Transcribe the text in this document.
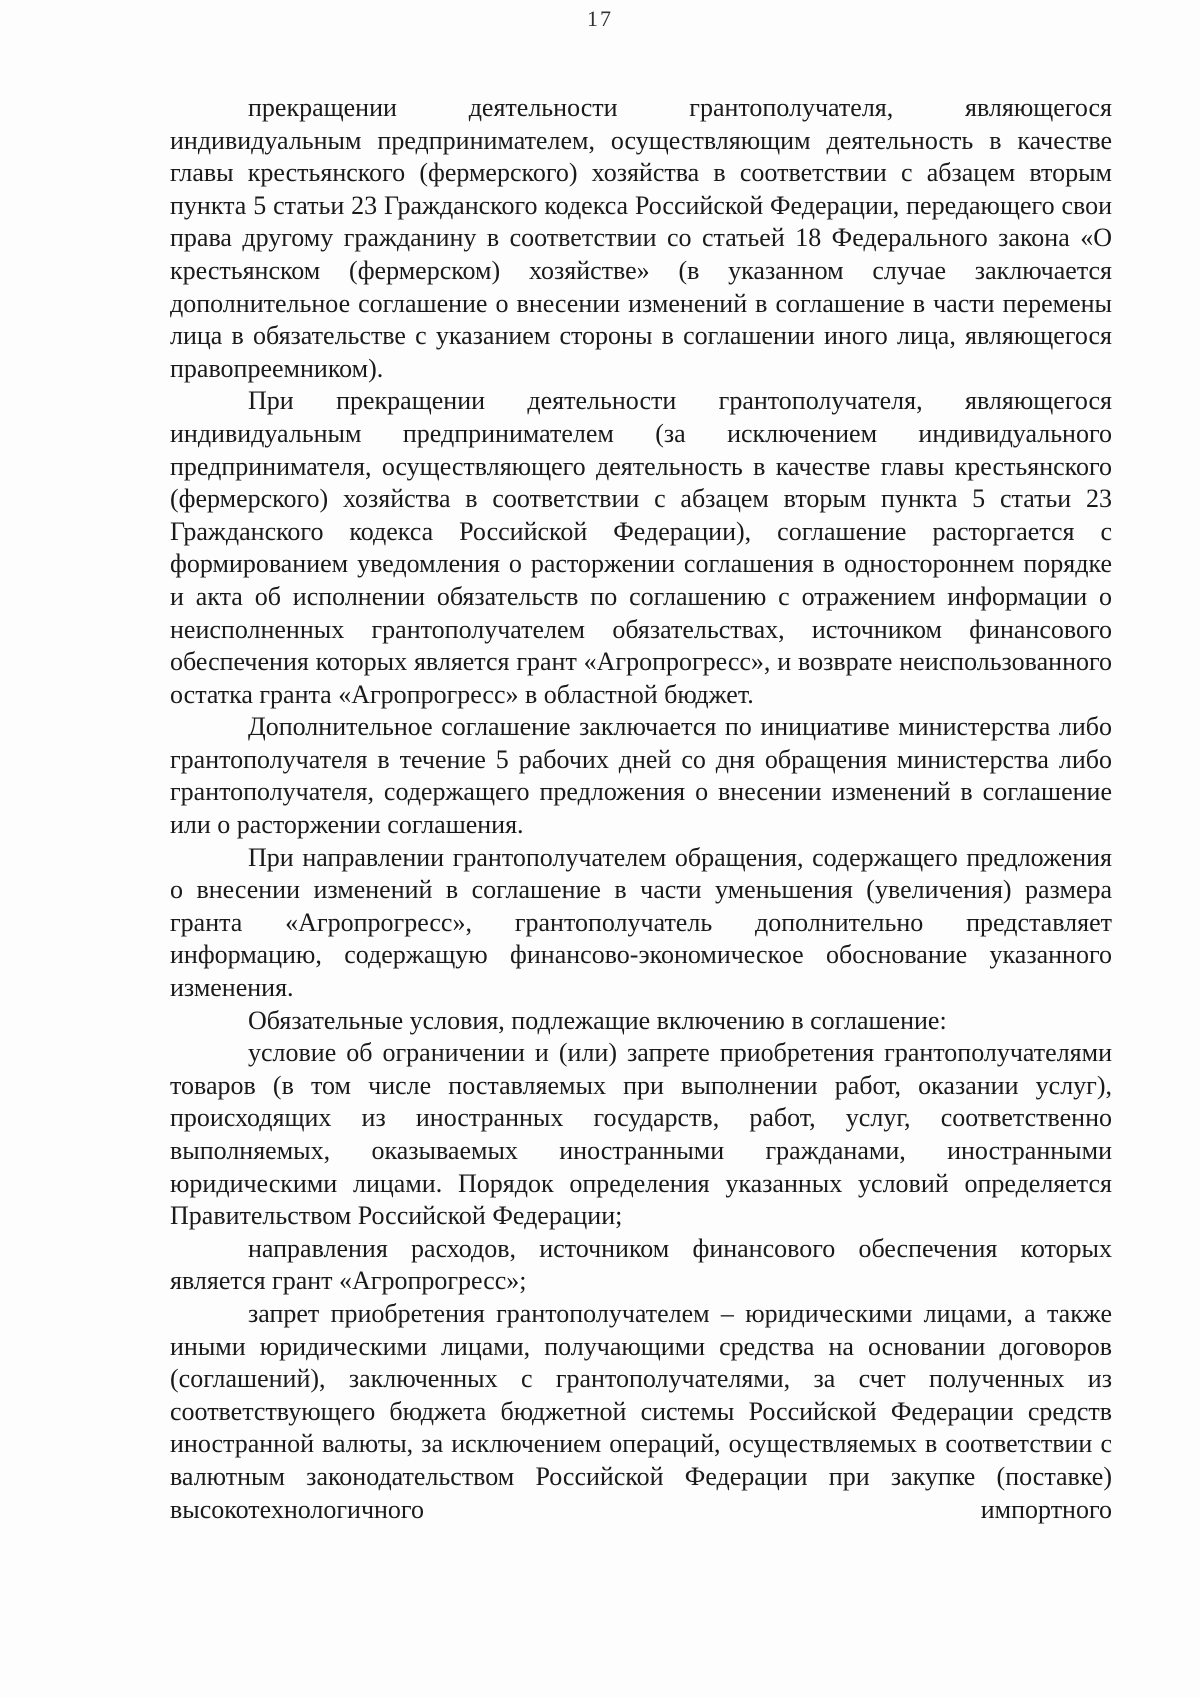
17

прекращении деятельности грантополучателя, являющегося индивидуальным предпринимателем, осуществляющим деятельность в качестве главы крестьянского (фермерского) хозяйства в соответствии с абзацем вторым пункта 5 статьи 23 Гражданского кодекса Российской Федерации, передающего свои права другому гражданину в соответствии со статьей 18 Федерального закона «О крестьянском (фермерском) хозяйстве» (в указанном случае заключается дополнительное соглашение о внесении изменений в соглашение в части перемены лица в обязательстве с указанием стороны в соглашении иного лица, являющегося правопреемником).

При прекращении деятельности грантополучателя, являющегося индивидуальным предпринимателем (за исключением индивидуального предпринимателя, осуществляющего деятельность в качестве главы крестьянского (фермерского) хозяйства в соответствии с абзацем вторым пункта 5 статьи 23 Гражданского кодекса Российской Федерации), соглашение расторгается с формированием уведомления о расторжении соглашения в одностороннем порядке и акта об исполнении обязательств по соглашению с отражением информации о неисполненных грантополучателем обязательствах, источником финансового обеспечения которых является грант «Агропрогресс», и возврате неиспользованного остатка гранта «Агропрогресс» в областной бюджет.

Дополнительное соглашение заключается по инициативе министерства либо грантополучателя в течение 5 рабочих дней со дня обращения министерства либо грантополучателя, содержащего предложения о внесении изменений в соглашение или о расторжении соглашения.

При направлении грантополучателем обращения, содержащего предложения о внесении изменений в соглашение в части уменьшения (увеличения) размера гранта «Агропрогресс», грантополучатель дополнительно представляет информацию, содержащую финансово-экономическое обоснование указанного изменения.

Обязательные условия, подлежащие включению в соглашение:

условие об ограничении и (или) запрете приобретения грантополучателями товаров (в том числе поставляемых при выполнении работ, оказании услуг), происходящих из иностранных государств, работ, услуг, соответственно выполняемых, оказываемых иностранными гражданами, иностранными юридическими лицами. Порядок определения указанных условий определяется Правительством Российской Федерации;

направления расходов, источником финансового обеспечения которых является грант «Агропрогресс»;

запрет приобретения грантополучателем – юридическими лицами, а также иными юридическими лицами, получающими средства на основании договоров (соглашений), заключенных с грантополучателями, за счет полученных из соответствующего бюджета бюджетной системы Российской Федерации средств иностранной валюты, за исключением операций, осуществляемых в соответствии с валютным законодательством Российской Федерации при закупке (поставке) высокотехнологичного импортного
